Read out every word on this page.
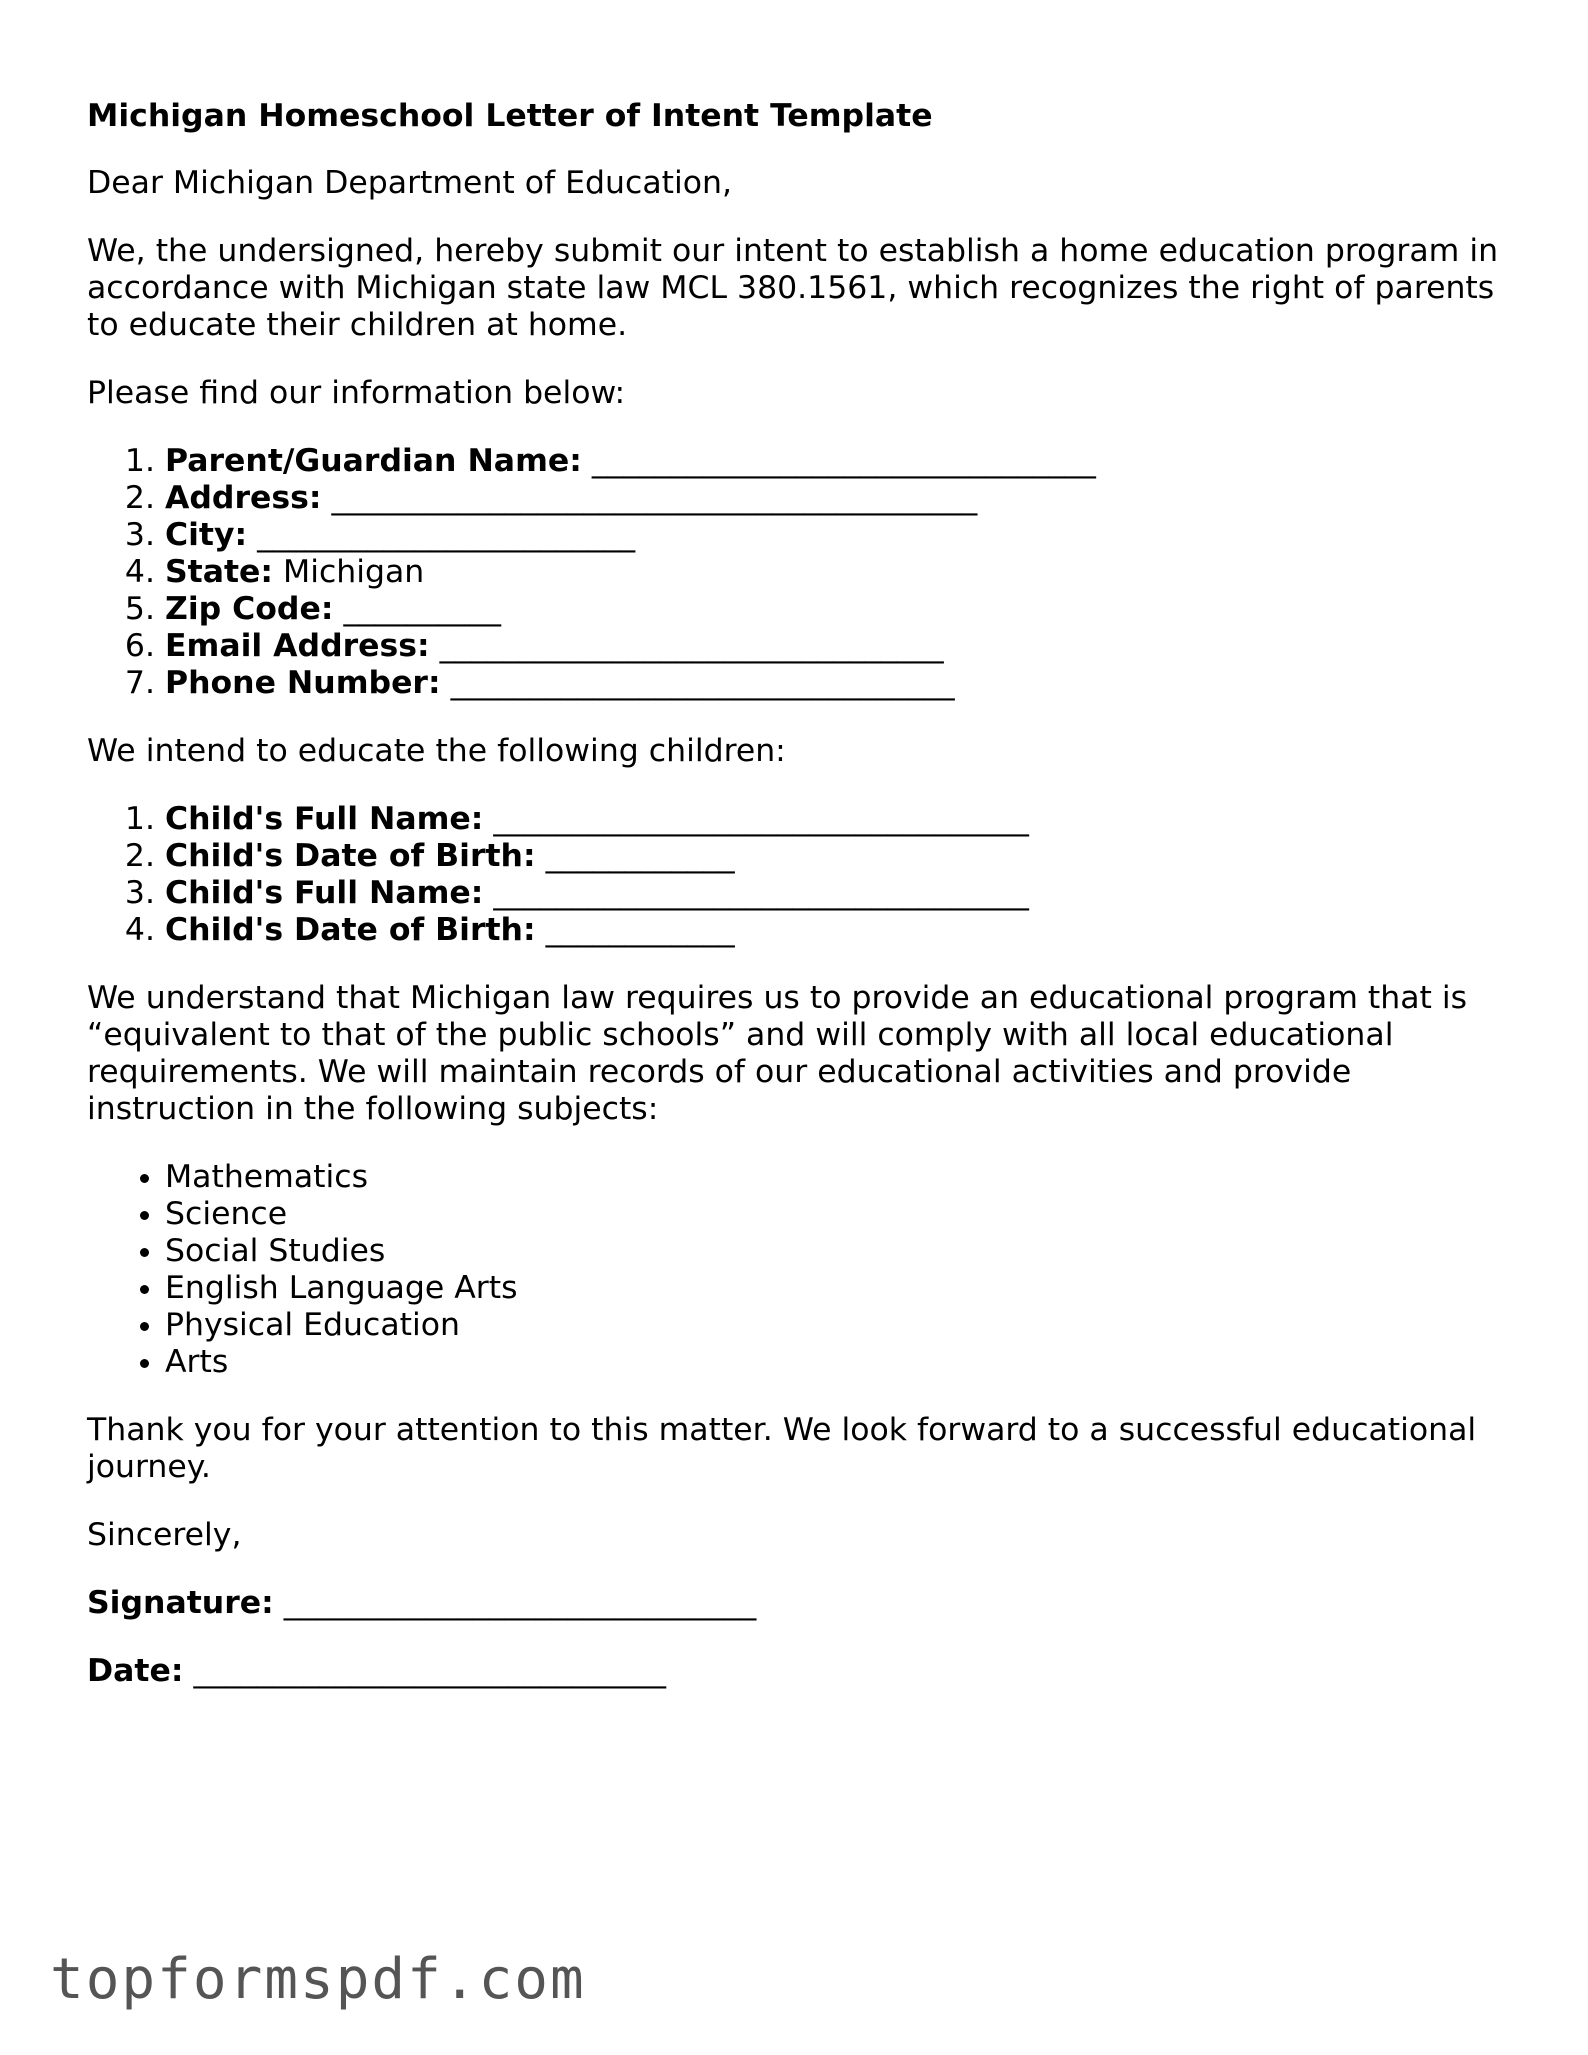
Michigan Homeschool Letter of Intent Template

Dear Michigan Department of Education,

We, the undersigned, hereby submit our intent to establish a home education program in accordance with Michigan state law MCL 380.1561, which recognizes the right of parents to educate their children at home.

Please find our information below:

1. Parent/Guardian Name: ________________________________
2. Address: _________________________________________
3. City: ________________________
4. State: Michigan
5. Zip Code: __________
6. Email Address: ________________________________
7. Phone Number: ________________________________

We intend to educate the following children:

1. Child's Full Name: __________________________________
2. Child's Date of Birth: ____________
3. Child's Full Name: __________________________________
4. Child's Date of Birth: ____________

We understand that Michigan law requires us to provide an educational program that is “equivalent to that of the public schools” and will comply with all local educational requirements. We will maintain records of our educational activities and provide instruction in the following subjects:

• Mathematics
• Science
• Social Studies
• English Language Arts
• Physical Education
• Arts

Thank you for your attention to this matter. We look forward to a successful educational journey.

Sincerely,

Signature: ______________________________
Date: ______________________________
topformspdf.com
